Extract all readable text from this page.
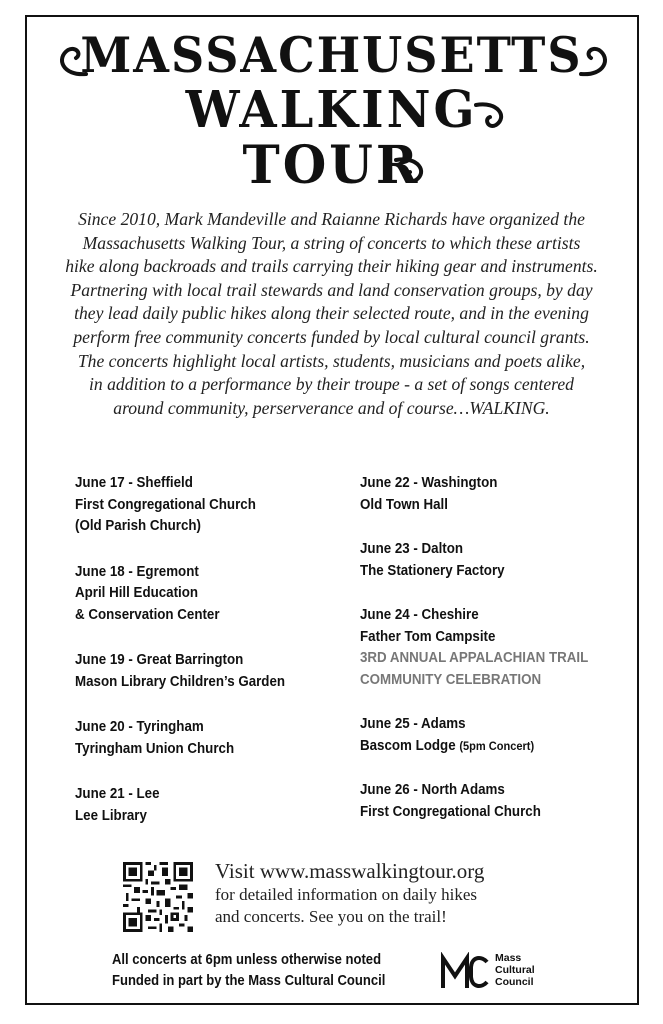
MASSACHUSETTS
WALKING
TOUR
Since 2010, Mark Mandeville and Raianne Richards have organized the
Massachusetts Walking Tour, a string of concerts to which these artists
hike along backroads and trails carrying their hiking gear and instruments.
Partnering with local trail stewards and land conservation groups, by day
they lead daily public hikes along their selected route, and in the evening
perform free community concerts funded by local cultural council grants.
The concerts highlight local artists, students, musicians and poets alike,
in addition to a performance by their troupe - a set of songs centered
around community, perserverance and of course…WALKING.
June 17 - Sheffield
First Congregational Church
(Old Parish Church)
June 18 - Egremont
April Hill Education
& Conservation Center
June 19 - Great Barrington
Mason Library Children’s Garden
June 20 - Tyringham
Tyringham Union Church
June 21 - Lee
Lee Library
June 22 - Washington
Old Town Hall
June 23 - Dalton
The Stationery Factory
June 24 - Cheshire
Father Tom Campsite
3RD ANNUAL APPALACHIAN TRAIL
COMMUNITY CELEBRATION
June 25 - Adams
Bascom Lodge (5pm Concert)
June 26 - North Adams
First Congregational Church
Visit www.masswalkingtour.org
for detailed information on daily hikes
and concerts. See you on the trail!
All concerts at 6pm unless otherwise noted
Funded in part by the Mass Cultural Council
Mass
Cultural
Council
